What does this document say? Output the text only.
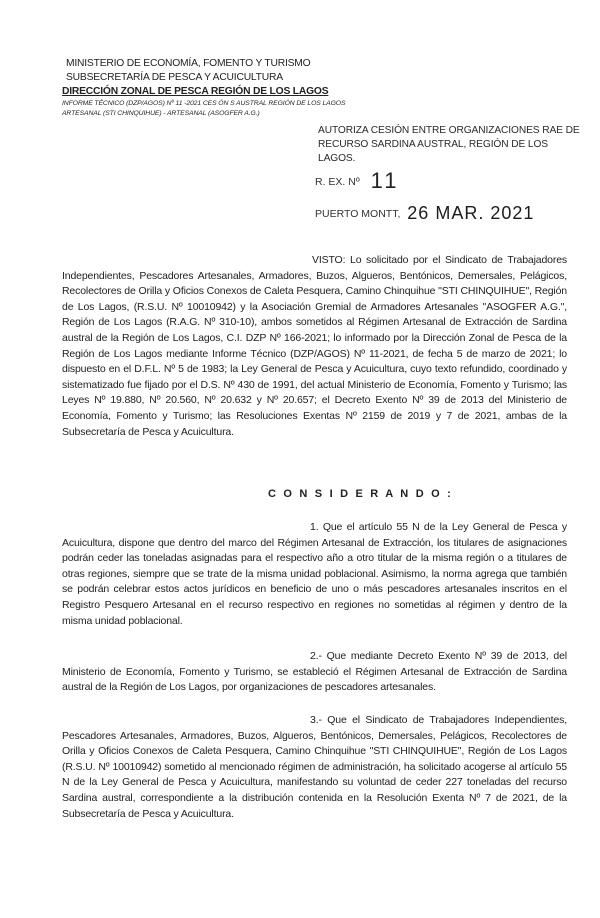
MINISTERIO DE ECONOMÍA, FOMENTO Y TURISMO
SUBSECRETARÍA DE PESCA Y ACUICULTURA
DIRECCIÓN ZONAL DE PESCA REGIÓN DE LOS LAGOS
INFORME TÉCNICO (DZP/AGOS) Nº 11 -2021 CES ÓN S AUSTRAL REGIÓN DE LOS LAGOS
ARTESANAL (STI CHINQUIHUE) - ARTESANAL (ASOGFER A.G.)
AUTORIZA CESIÓN ENTRE ORGANIZACIONES RAE DE RECURSO SARDINA AUSTRAL, REGIÓN DE LOS LAGOS.
R. EX. Nº 11
PUERTO MONTT, 26 MAR. 2021
VISTO: Lo solicitado por el Sindicato de Trabajadores Independientes, Pescadores Artesanales, Armadores, Buzos, Algueros, Bentónicos, Demersales, Pelágicos, Recolectores de Orilla y Oficios Conexos de Caleta Pesquera, Camino Chinquihue "STI CHINQUIHUE", Región de Los Lagos, (R.S.U. Nº 10010942) y la Asociación Gremial de Armadores Artesanales "ASOGFER A.G.", Región de Los Lagos (R.A.G. Nº 310-10), ambos sometidos al Régimen Artesanal de Extracción de Sardina austral de la Región de Los Lagos, C.I. DZP Nº 166-2021; lo informado por la Dirección Zonal de Pesca de la Región de Los Lagos mediante Informe Técnico (DZP/AGOS) Nº 11-2021, de fecha 5 de marzo de 2021; lo dispuesto en el D.F.L. Nº 5 de 1983; la Ley General de Pesca y Acuicultura, cuyo texto refundido, coordinado y sistematizado fue fijado por el D.S. Nº 430 de 1991, del actual Ministerio de Economía, Fomento y Turismo; las Leyes Nº 19.880, Nº 20.560, Nº 20.632 y Nº 20.657; el Decreto Exento Nº 39 de 2013 del Ministerio de Economía, Fomento y Turismo; las Resoluciones Exentas Nº 2159 de 2019 y 7 de 2021, ambas de la Subsecretaría de Pesca y Acuicultura.
C O N S I D E R A N D O :
1. Que el artículo 55 N de la Ley General de Pesca y Acuicultura, dispone que dentro del marco del Régimen Artesanal de Extracción, los titulares de asignaciones podrán ceder las toneladas asignadas para el respectivo año a otro titular de la misma región o a titulares de otras regiones, siempre que se trate de la misma unidad poblacional. Asimismo, la norma agrega que también se podrán celebrar estos actos jurídicos en beneficio de uno o más pescadores artesanales inscritos en el Registro Pesquero Artesanal en el recurso respectivo en regiones no sometidas al régimen y dentro de la misma unidad poblacional.
2.- Que mediante Decreto Exento Nº 39 de 2013, del Ministerio de Economía, Fomento y Turismo, se estableció el Régimen Artesanal de Extracción de Sardina austral de la Región de Los Lagos, por organizaciones de pescadores artesanales.
3.- Que el Sindicato de Trabajadores Independientes, Pescadores Artesanales, Armadores, Buzos, Algueros, Bentónicos, Demersales, Pelágicos, Recolectores de Orilla y Oficios Conexos de Caleta Pesquera, Camino Chinquihue "STI CHINQUIHUE", Región de Los Lagos (R.S.U. Nº 10010942) sometido al mencionado régimen de administración, ha solicitado acogerse al artículo 55 N de la Ley General de Pesca y Acuicultura, manifestando su voluntad de ceder 227 toneladas del recurso Sardina austral, correspondiente a la distribución contenida en la Resolución Exenta Nº 7 de 2021, de la Subsecretaría de Pesca y Acuicultura.
